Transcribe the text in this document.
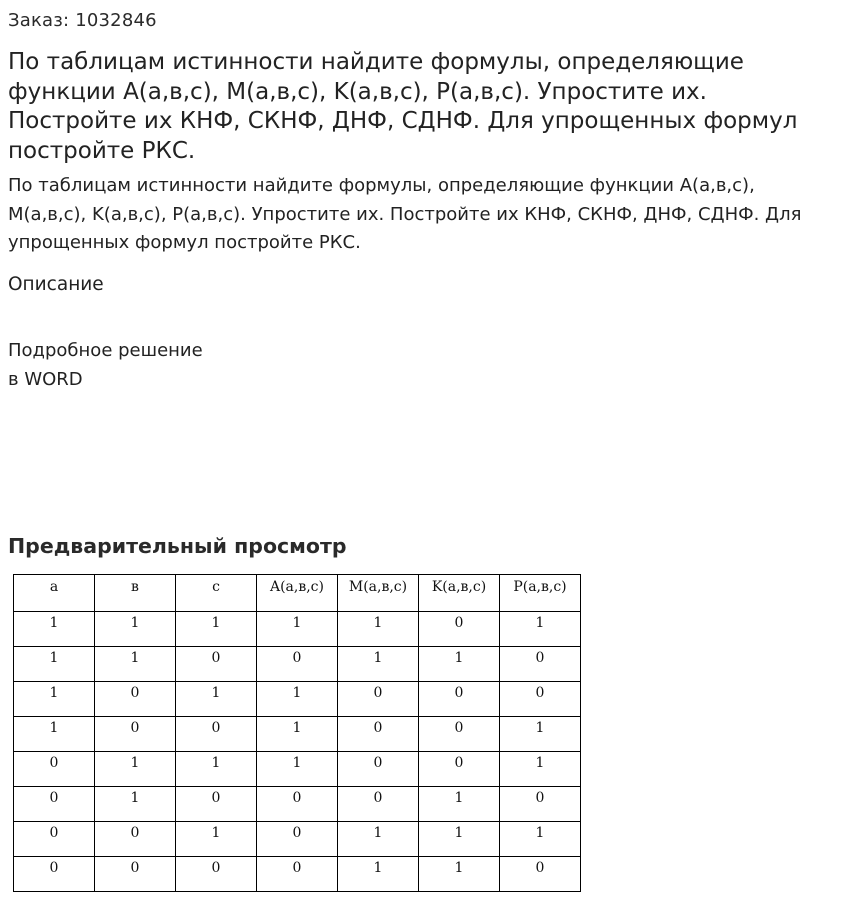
Заказ: 1032846
По таблицам истинности найдите формулы, определяющие функции A(a,в,c), M(a,в,c), K(a,в,c), P(a,в,c). Упростите их. Постройте их КНФ, СКНФ, ДНФ, СДНФ. Для упрощенных формул постройте РКС.

По таблицам истинности найдите формулы, определяющие функции A(a,в,c), M(a,в,c), K(a,в,c), P(a,в,c). Упростите их. Постройте их КНФ, СКНФ, ДНФ, СДНФ. Для упрощенных формул постройте РКС.

Описание
Подробное решение
в WORD
Предварительный просмотр
a	в	c	A(a,в,c)	M(a,в,c)	K(a,в,c)	P(a,в,c)
1	1	1	1	1	0	1
1	1	0	0	1	1	0
1	0	1	1	0	0	0
1	0	0	1	0	0	1
0	1	1	1	0	0	1
0	1	0	0	0	1	0
0	0	1	0	1	1	1
0	0	0	0	1	1	0
